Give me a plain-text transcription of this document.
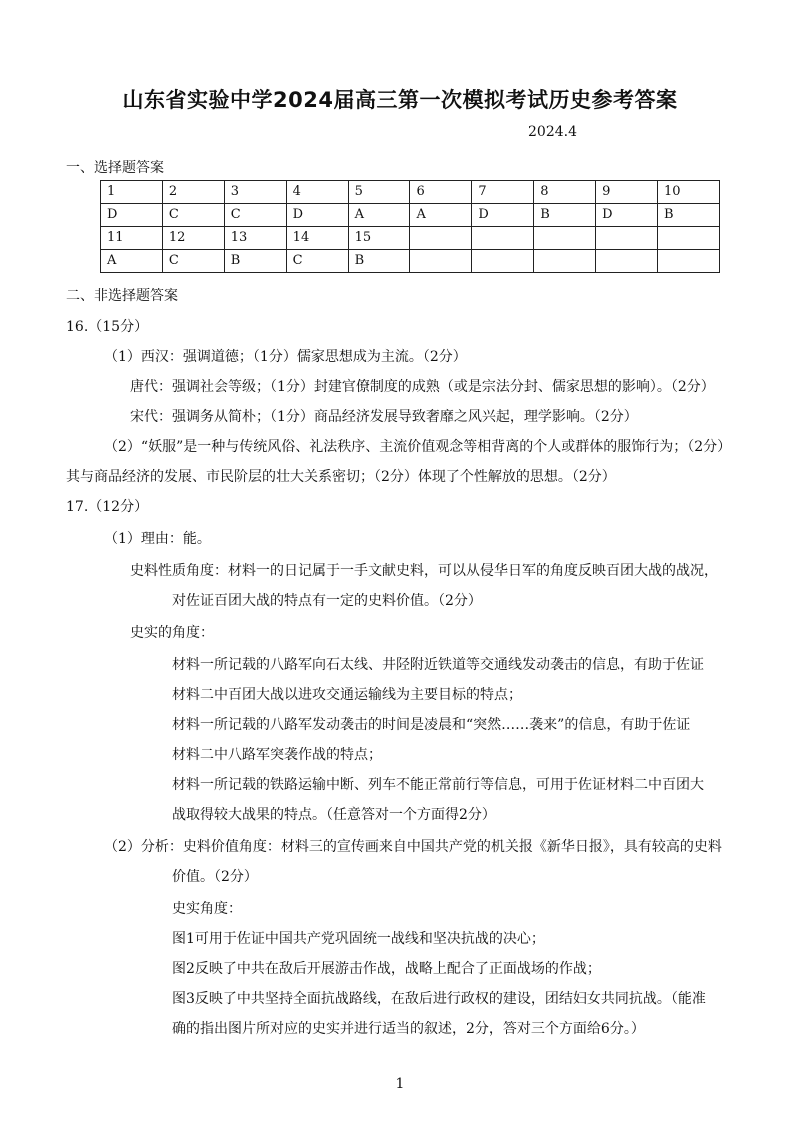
山东省实验中学2024届高三第一次模拟考试历史参考答案
2024.4
一、选择题答案
1	2	3	4	5	6	7	8	9	10
D	C	C	D	A	A	D	B	D	B
11	12	13	14	15					
A	C	B	C	B					
二、非选择题答案
16.（15分）
（1）西汉：强调道德；（1分）儒家思想成为主流。（2分）
唐代：强调社会等级；（1分）封建官僚制度的成熟（或是宗法分封、儒家思想的影响）。（2分）
宋代：强调务从简朴；（1分）商品经济发展导致奢靡之风兴起，理学影响。（2分）
（2）“妖服”是一种与传统风俗、礼法秩序、主流价值观念等相背离的个人或群体的服饰行为；（2分）
其与商品经济的发展、市民阶层的壮大关系密切；（2分）体现了个性解放的思想。（2分）
17.（12分）
（1）理由：能。
史料性质角度：材料一的日记属于一手文献史料，可以从侵华日军的角度反映百团大战的战况，
对佐证百团大战的特点有一定的史料价值。（2分）
史实的角度：
材料一所记载的八路军向石太线、井陉附近铁道等交通线发动袭击的信息，有助于佐证
材料二中百团大战以进攻交通运输线为主要目标的特点；
材料一所记载的八路军发动袭击的时间是凌晨和“突然……袭来”的信息，有助于佐证
材料二中八路军突袭作战的特点；
材料一所记载的铁路运输中断、列车不能正常前行等信息，可用于佐证材料二中百团大
战取得较大战果的特点。（任意答对一个方面得2分）
（2）分析：史料价值角度：材料三的宣传画来自中国共产党的机关报《新华日报》，具有较高的史料
价值。（2分）
史实角度：
图1可用于佐证中国共产党巩固统一战线和坚决抗战的决心；
图2反映了中共在敌后开展游击作战，战略上配合了正面战场的作战；
图3反映了中共坚持全面抗战路线，在敌后进行政权的建设，团结妇女共同抗战。（能准
确的指出图片所对应的史实并进行适当的叙述，2分，答对三个方面给6分。）
1
